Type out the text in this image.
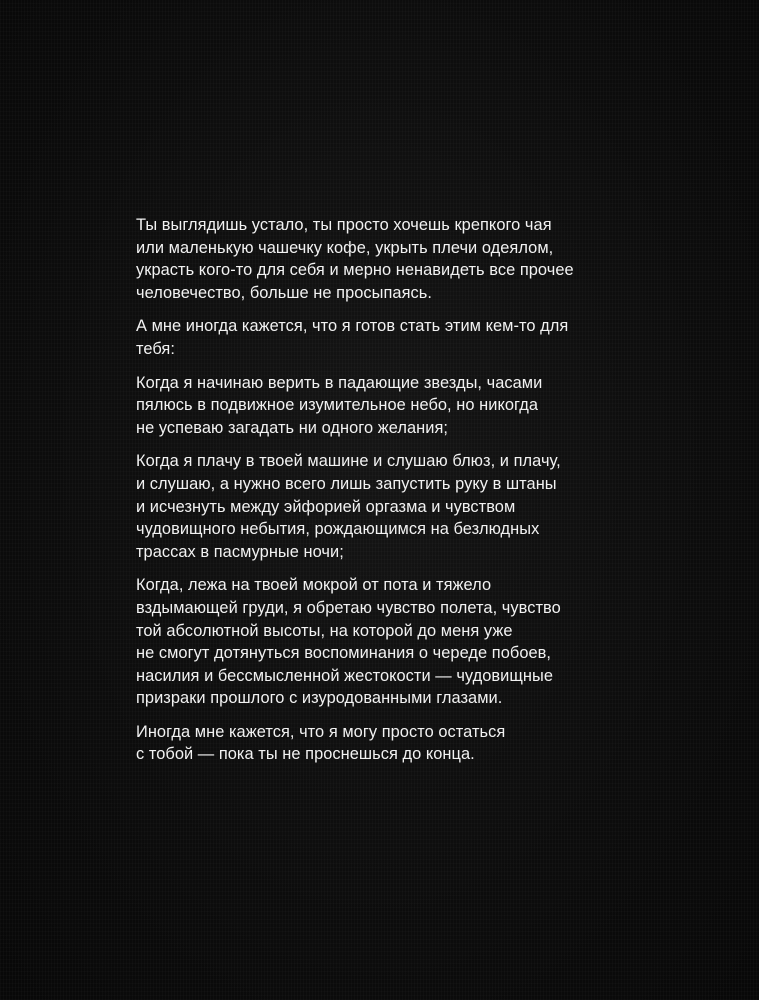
Ты выглядишь устало, ты просто хочешь крепкого чая
или маленькую чашечку кофе, укрыть плечи одеялом,
украсть кого-то для себя и мерно ненавидеть все прочее
человечество, больше не просыпаясь.

А мне иногда кажется, что я готов стать этим кем-то для
тебя:

Когда я начинаю верить в падающие звезды, часами
пялюсь в подвижное изумительное небо, но никогда
не успеваю загадать ни одного желания;

Когда я плачу в твоей машине и слушаю блюз, и плачу,
и слушаю, а нужно всего лишь запустить руку в штаны
и исчезнуть между эйфорией оргазма и чувством
чудовищного небытия, рождающимся на безлюдных
трассах в пасмурные ночи;

Когда, лежа на твоей мокрой от пота и тяжело
вздымающей груди, я обретаю чувство полета, чувство
той абсолютной высоты, на которой до меня уже
не смогут дотянуться воспоминания о череде побоев,
насилия и бессмысленной жестокости — чудовищные
призраки прошлого с изуродованными глазами.

Иногда мне кажется, что я могу просто остаться
с тобой — пока ты не проснешься до конца.
